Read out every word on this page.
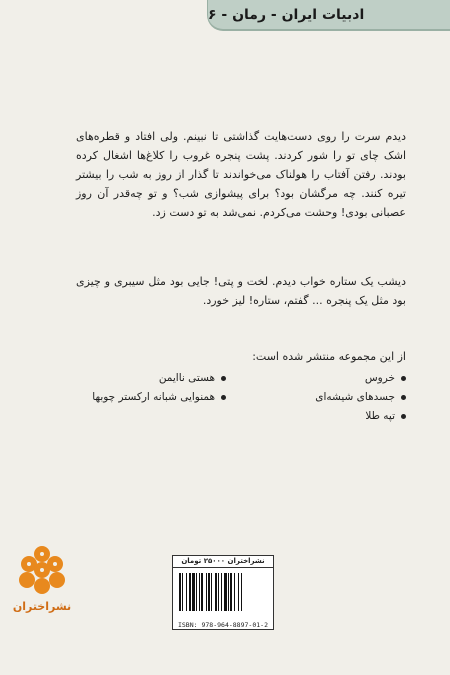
ادبیات ایران - رمان - ۶
دیدم سرت را روی دست‌هایت گذاشتی تا نبینم. ولی افتاد و قطره‌های اشک چای تو را شور کردند. پشت پنجره غروب را کلاغ‌ها اشغال کرده بودند. رفتن آفتاب را هولناک می‌خواندند تا گذار از روز به شب را بیشتر تیره کنند. چه مرگشان بود؟ برای پیشوازی شب؟ و تو چه‌قدر آن روز عصبانی بودی! وحشت می‌کردم. نمی‌شد به تو دست زد.
دیشب یک ستاره خواب دیدم. لخت و پتی! جایی بود مثل سیبری و چیزی بود مثل یک پنجره ... گفتم، ستاره! لیز خورد.
از این مجموعه منتشر شده است:
خروس
هستی ناایمن
جسدهای شیشه‌ای
همنوایی شبانه ارکستر چوبها
تپه طلا
نشراختران
نشراختران ۲۵۰۰۰ تومان
ISBN: 978-964-8897-01-2
